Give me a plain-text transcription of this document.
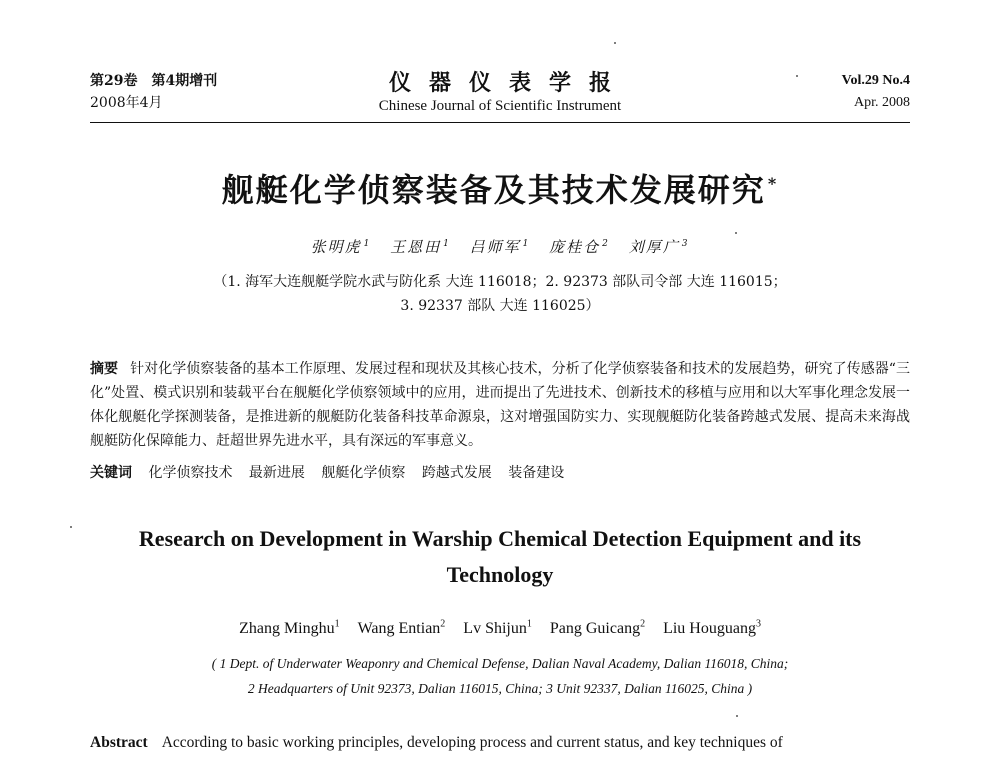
第29卷　第4期增刊
2008年4月
仪器仪表学报
Chinese Journal of Scientific Instrument
Vol.29 No.4
Apr. 2008
舰艇化学侦察装备及其技术发展研究 *
张明虎 $^1$ 王恩田 $^1$ 吕师军 $^1$ 庞桂仓 $^2$ 刘厚广 $^3$
（1. 海军大连舰艇学院水武与防化系 大连 116018；2. 92373 部队司令部 大连 116015；
3. 92337 部队 大连 116025）
摘要 针对化学侦察装备的基本工作原理、发展过程和现状及其核心技术，分析了化学侦察装备和技术的发展趋势，研究了传感器“三化”处置、模式识别和装载平台在舰艇化学侦察领域中的应用，进而提出了先进技术、创新技术的移植与应用和以大军事化理念发展一体化舰艇化学探测装备，是推进新的舰艇防化装备科技革命源泉，这对增强国防实力、实现舰艇防化装备跨越式发展、提高未来海战舰艇防化保障能力、赶超世界先进水平，具有深远的军事意义。
关键词 化学侦察技术 最新进展 舰艇化学侦察 跨越式发展 装备建设
Research on Development in Warship Chemical Detection Equipment and its Technology
Zhang Minghu$^1$ Wang Entian$^2$ Lv Shijun$^1$ Pang Guicang$^2$ Liu Houguang$^3$
( 1 Dept. of Underwater Weaponry and Chemical Defense, Dalian Naval Academy, Dalian 116018, China;
2 Headquarters of Unit 92373, Dalian 116015, China; 3 Unit 92337, Dalian 116025, China )
Abstract According to basic working principles, developing process and current status, and key techniques of
